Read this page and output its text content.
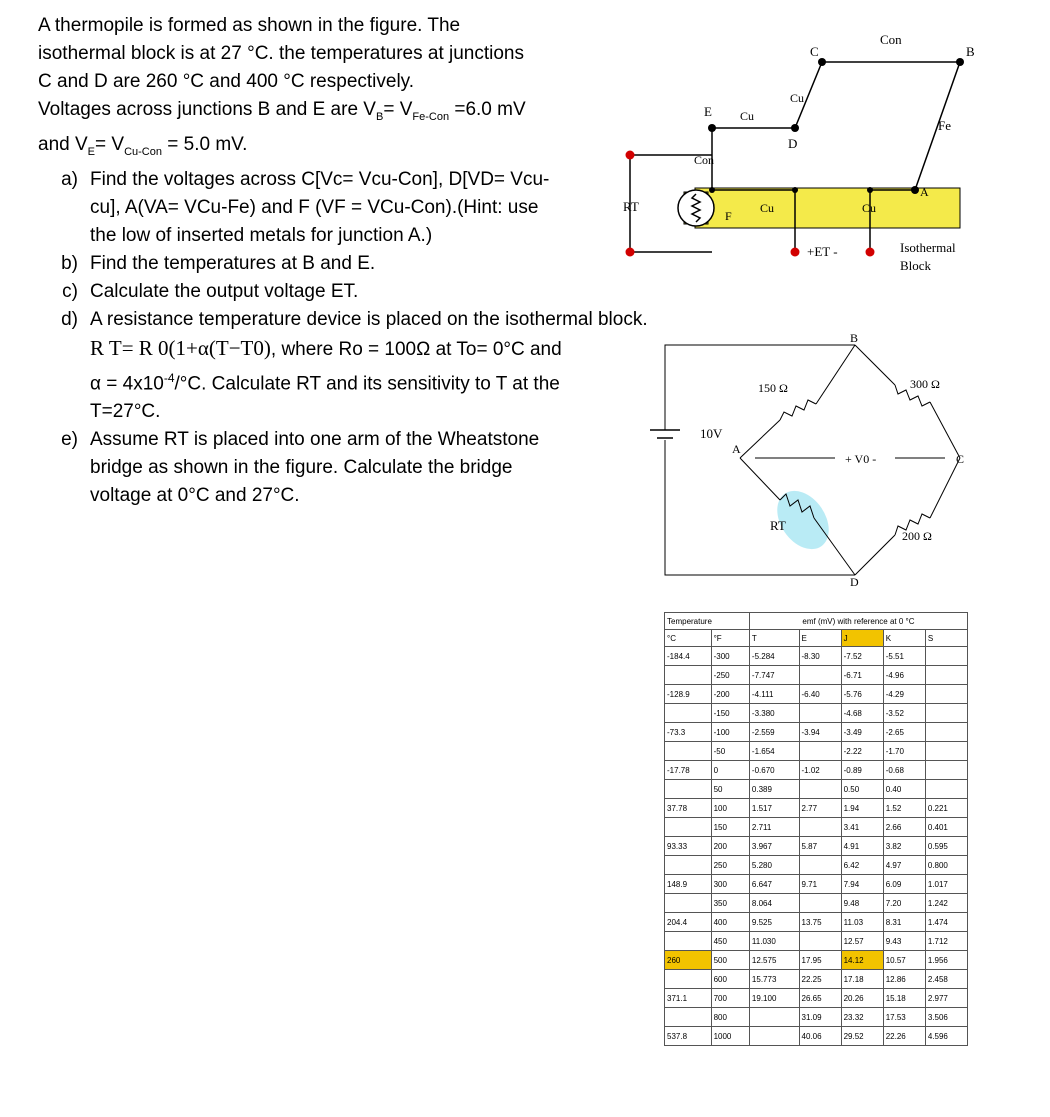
A thermopile is formed as shown in the figure. The

isothermal block is at 27 °C. the temperatures at junctions

C and D are 260 °C and 400 °C respectively.

Voltages across junctions B and E are $V_B= V_{Fe-Con} =6.0$ mV

and $V_E= V_{Cu-Con} = 5.0$ mV.

a) Find the voltages across C[Vc= Vcu-Con], D[VD= Vcu-cu], A(VA= VCu-Fe) and F (VF = VCu-Con).(Hint: use the low of inserted metals for junction A.)
b) Find the temperatures at B and E.
c) Calculate the output voltage ET.
d) A resistance temperature device is placed on the isothermal block.
R T= R 0(1+α(T−T0), where Ro = 100Ω at To= 0°C and
$\alpha = 4x10^{-4}/^\circ C$. Calculate RT and its sensitivity to T at the
T=27°C.
e) Assume RT is placed into one arm of the Wheatstone bridge as shown in the figure. Calculate the bridge voltage at 0°C and 27°C.
Con
B
C
Cu
E Cu
D
Fe
Con
A
RT
F
Cu	Cu
+ET -	Isothermal
Block
B
150 Ω	300 Ω
10V
A
+ V0 -	C
RT
200 Ω
D
Temperature		emf (mV) with reference at 0 °C				
°C	°F	T	E	J	K	S
-184.4	-300	-5.284	-8.30	-7.52	-5.51	
	-250	-7.747		-6.71	-4.96	
-128.9	-200	-4.111	-6.40	-5.76	-4.29	
	-150	-3.380		-4.68	-3.52	
-73.3	-100	-2.559	-3.94	-3.49	-2.65	
	-50	-1.654		-2.22	-1.70	
-17.78	0	-0.670	-1.02	-0.89	-0.68	
	50	0.389		0.50	0.40	
37.78	100	1.517	2.77	1.94	1.52	0.221
	150	2.711		3.41	2.66	0.401
93.33	200	3.967	5.87	4.91	3.82	0.595
	250	5.280		6.42	4.97	0.800
148.9	300	6.647	9.71	7.94	6.09	1.017
	350	8.064		9.48	7.20	1.242
204.4	400	9.525	13.75	11.03	8.31	1.474
	450	11.030		12.57	9.43	1.712
260	500	12.575	17.95	14.12	10.57	1.956
	600	15.773	22.25	17.18	12.86	2.458
371.1	700	19.100	26.65	20.26	15.18	2.977
	800		31.09	23.32	17.53	3.506
537.8	1000		40.06	29.52	22.26	4.596
